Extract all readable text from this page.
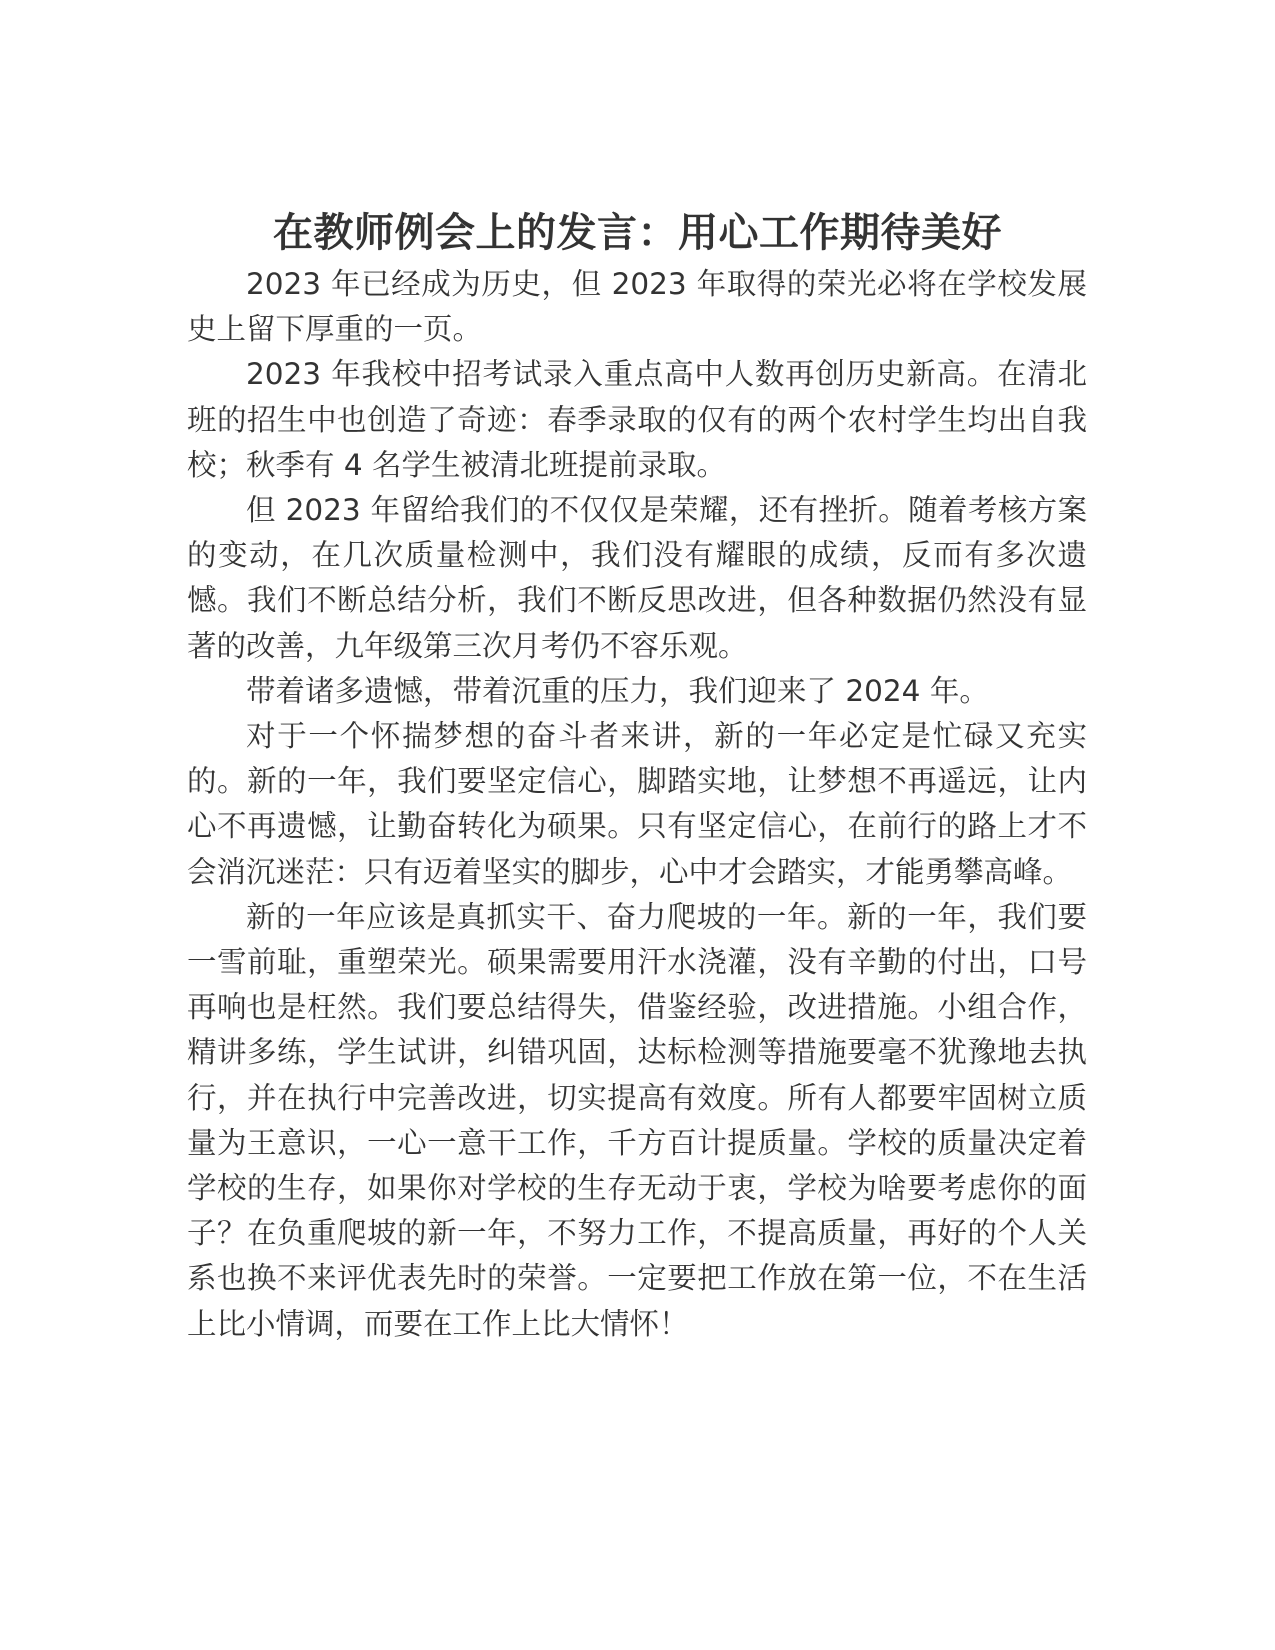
在教师例会上的发言：用心工作期待美好

2023 年已经成为历史，但 2023 年取得的荣光必将在学校发展史上留下厚重的一页。

2023 年我校中招考试录入重点高中人数再创历史新高。在清北班的招生中也创造了奇迹：春季录取的仅有的两个农村学生均出自我校；秋季有 4 名学生被清北班提前录取。

但 2023 年留给我们的不仅仅是荣耀，还有挫折。随着考核方案的变动，在几次质量检测中，我们没有耀眼的成绩，反而有多次遗憾。我们不断总结分析，我们不断反思改进，但各种数据仍然没有显著的改善，九年级第三次月考仍不容乐观。

带着诸多遗憾，带着沉重的压力，我们迎来了 2024 年。

对于一个怀揣梦想的奋斗者来讲，新的一年必定是忙碌又充实的。新的一年，我们要坚定信心，脚踏实地，让梦想不再遥远，让内心不再遗憾，让勤奋转化为硕果。只有坚定信心，在前行的路上才不会消沉迷茫：只有迈着坚实的脚步，心中才会踏实，才能勇攀高峰。

新的一年应该是真抓实干、奋力爬坡的一年。新的一年，我们要一雪前耻，重塑荣光。硕果需要用汗水浇灌，没有辛勤的付出，口号再响也是枉然。我们要总结得失，借鉴经验，改进措施。小组合作，精讲多练，学生试讲，纠错巩固，达标检测等措施要毫不犹豫地去执行，并在执行中完善改进，切实提高有效度。所有人都要牢固树立质量为王意识，一心一意干工作，千方百计提质量。学校的质量决定着学校的生存，如果你对学校的生存无动于衷，学校为啥要考虑你的面子？在负重爬坡的新一年，不努力工作，不提高质量，再好的个人关系也换不来评优表先时的荣誉。一定要把工作放在第一位，不在生活上比小情调，而要在工作上比大情怀！
